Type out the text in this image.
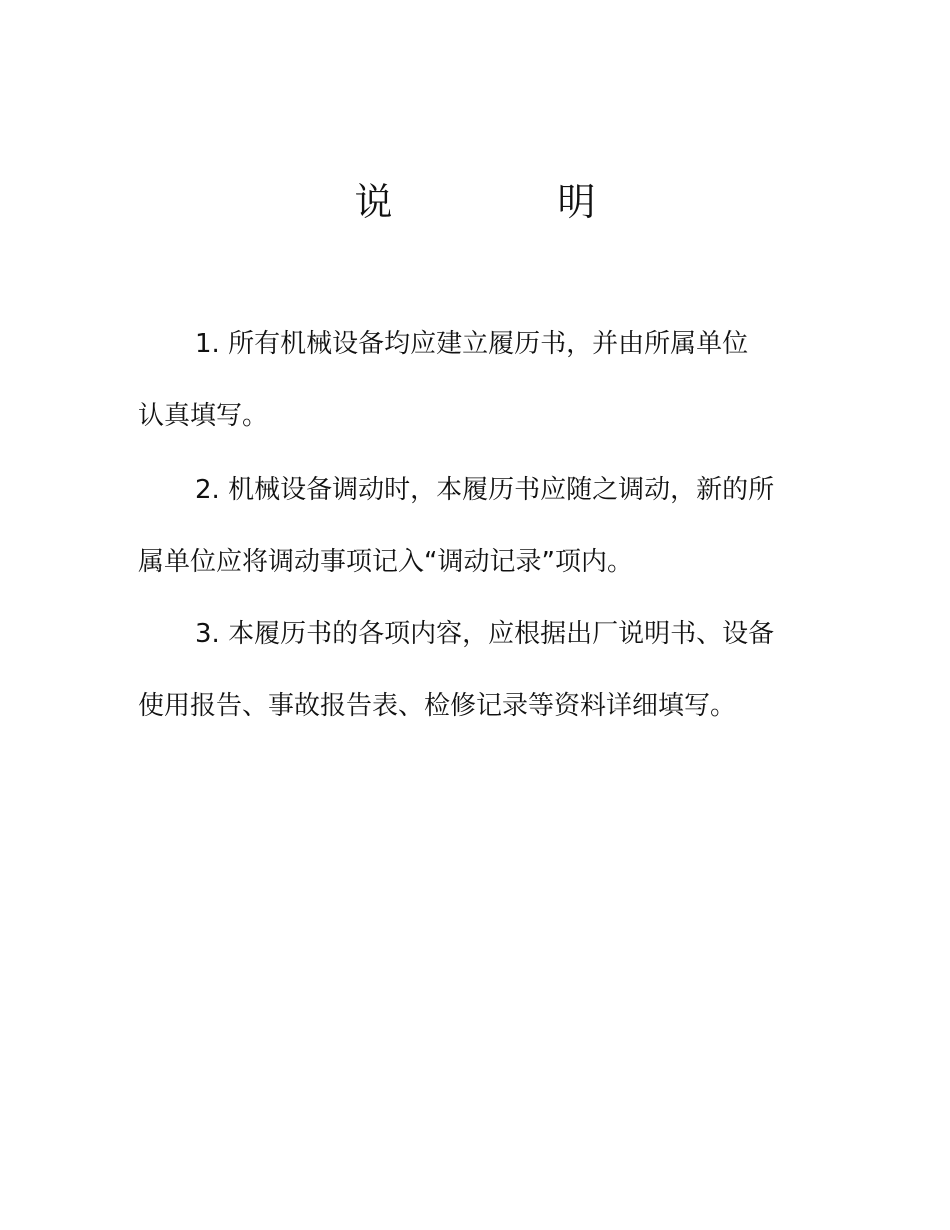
说	明
1. 所有机械设备均应建立履历书，并由所属单位
认真填写。
2. 机械设备调动时，本履历书应随之调动，新的所
属单位应将调动事项记入“调动记录”项内。
3. 本履历书的各项内容，应根据出厂说明书、设备
使用报告、事故报告表、检修记录等资料详细填写。
